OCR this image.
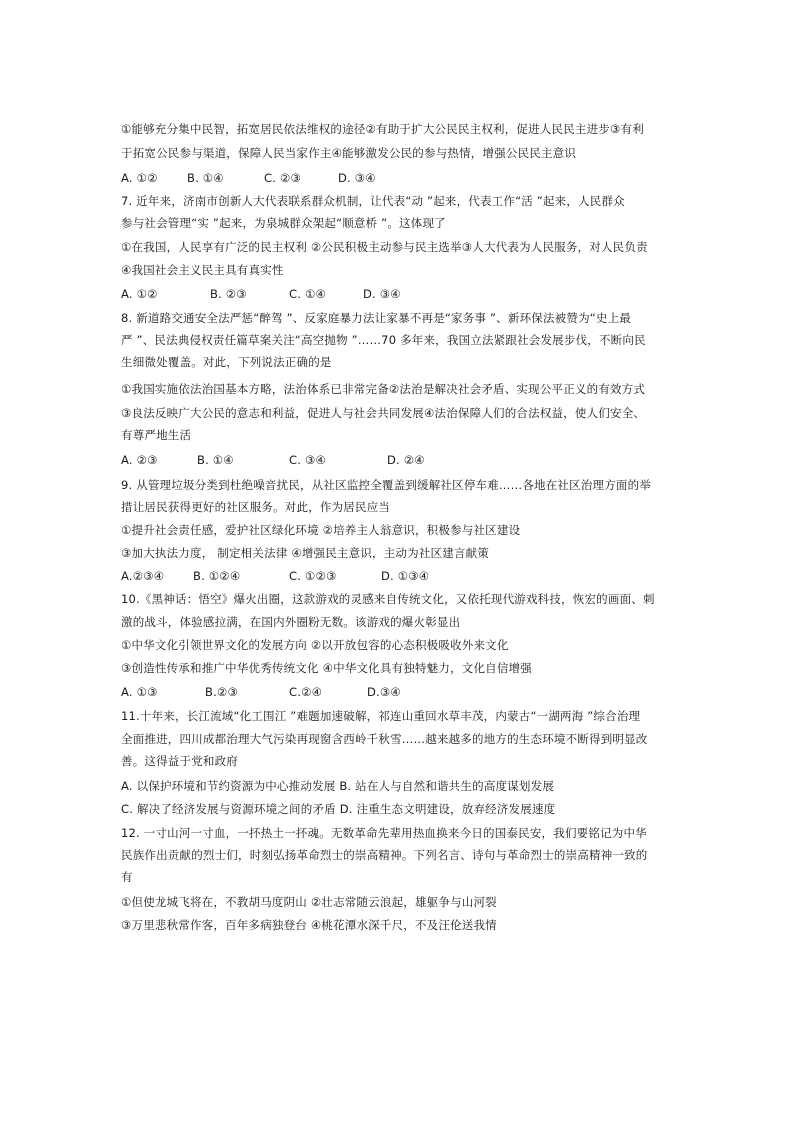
①能够充分集中民智，拓宽居民依法维权的途径②有助于扩大公民民主权利，促进人民民主进步③有利
于拓宽公民参与渠道，保障人民当家作主④能够激发公民的参与热情，增强公民民主意识
A. ①②	B. ①④	C. ②③	D. ③④
7. 近年来，济南市创新人大代表联系群众机制，让代表“动 ”起来，代表工作“活 ”起来，人民群众
参与社会管理“实 ”起来，为泉城群众架起“顺意桥 ”。这体现了
①在我国，人民享有广泛的民主权利 ②公民积极主动参与民主选举③人大代表为人民服务，对人民负责
④我国社会主义民主具有真实性
A. ①②	B. ②③	C. ①④	D. ③④
8. 新道路交通安全法严惩“醉驾 ”、反家庭暴力法让家暴不再是“家务事 ”、新环保法被赞为“史上最
严 ”、民法典侵权责任篇草案关注“高空抛物 ”……70 多年来，我国立法紧跟社会发展步伐，不断向民
生细微处覆盖。对此，下列说法正确的是
①我国实施依法治国基本方略，法治体系已非常完备②法治是解决社会矛盾、实现公平正义的有效方式
③良法反映广大公民的意志和利益，促进人与社会共同发展④法治保障人们的合法权益，使人们安全、
有尊严地生活
A. ②③	B. ①④	C. ③④	D. ②④
9. 从管理垃圾分类到杜绝噪音扰民，从社区监控全覆盖到缓解社区停车难……各地在社区治理方面的举
措让居民获得更好的社区服务。对此，作为居民应当
①提升社会责任感，爱护社区绿化环境 ②培养主人翁意识，积极参与社区建设
③加大执法力度， 制定相关法律 ④增强民主意识，主动为社区建言献策
A.②③④	B. ①②④	C. ①②③	D. ①③④
10.《黑神话：悟空》爆火出圈，这款游戏的灵感来自传统文化，又依托现代游戏科技，恢宏的画面、刺
激的战斗，体验感拉满，在国内外圈粉无数。该游戏的爆火彰显出
①中华文化引领世界文化的发展方向 ②以开放包容的心态积极吸收外来文化
③创造性传承和推广中华优秀传统文化 ④中华文化具有独特魅力，文化自信增强
A. ①③	B.②③	C.②④	D.③④
11.十年来，长江流域“化工围江 ”难题加速破解，祁连山重回水草丰茂，内蒙古“一湖两海 ”综合治理
全面推进，四川成都治理大气污染再现窗含西岭千秋雪……越来越多的地方的生态环境不断得到明显改
善。这得益于党和政府
A. 以保护环境和节约资源为中心推动发展 B. 站在人与自然和谐共生的高度谋划发展
C. 解决了经济发展与资源环境之间的矛盾 D. 注重生态文明建设，放弃经济发展速度
12. 一寸山河一寸血，一抔热土一抔魂。无数革命先辈用热血换来今日的国泰民安，我们要铭记为中华
民族作出贡献的烈士们，时刻弘扬革命烈士的崇高精神。下列名言、诗句与革命烈士的崇高精神一致的
有
①但使龙城飞将在，不教胡马度阴山 ②壮志常随云浪起，雄躯争与山河裂
③万里悲秋常作客，百年多病独登台 ④桃花潭水深千尺，不及汪伦送我情
